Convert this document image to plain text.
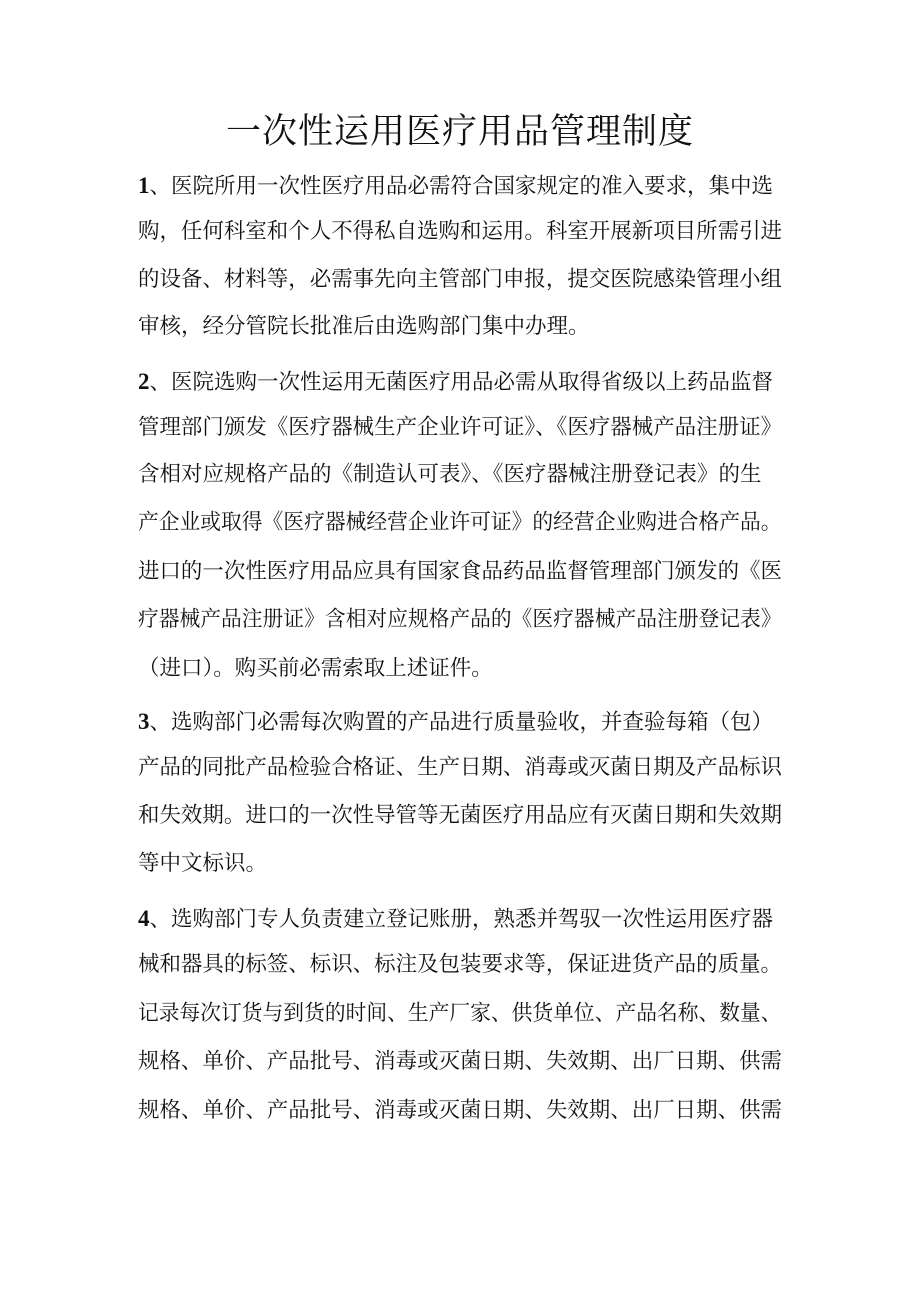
一次性运用医疗用品管理制度
1、医院所用一次性医疗用品必需符合国家规定的准入要求，集中选
购，任何科室和个人不得私自选购和运用。科室开展新项目所需引进
的设备、材料等，必需事先向主管部门申报，提交医院感染管理小组
审核，经分管院长批准后由选购部门集中办理。
2、医院选购一次性运用无菌医疗用品必需从取得省级以上药品监督
管理部门颁发《医疗器械生产企业许可证》、《医疗器械产品注册证》
含相对应规格产品的《制造认可表》、《医疗器械注册登记表》的生
产企业或取得《医疗器械经营企业许可证》的经营企业购进合格产品。
进口的一次性医疗用品应具有国家食品药品监督管理部门颁发的《医
疗器械产品注册证》含相对应规格产品的《医疗器械产品注册登记表》
（进口）。购买前必需索取上述证件。
3、选购部门必需每次购置的产品进行质量验收，并查验每箱（包）
产品的同批产品检验合格证、生产日期、消毒或灭菌日期及产品标识
和失效期。进口的一次性导管等无菌医疗用品应有灭菌日期和失效期
等中文标识。
4、选购部门专人负责建立登记账册，熟悉并驾驭一次性运用医疗器
械和器具的标签、标识、标注及包装要求等，保证进货产品的质量。
记录每次订货与到货的时间、生产厂家、供货单位、产品名称、数量、
规格、单价、产品批号、消毒或灭菌日期、失效期、出厂日期、供需
规格、单价、产品批号、消毒或灭菌日期、失效期、出厂日期、供需
